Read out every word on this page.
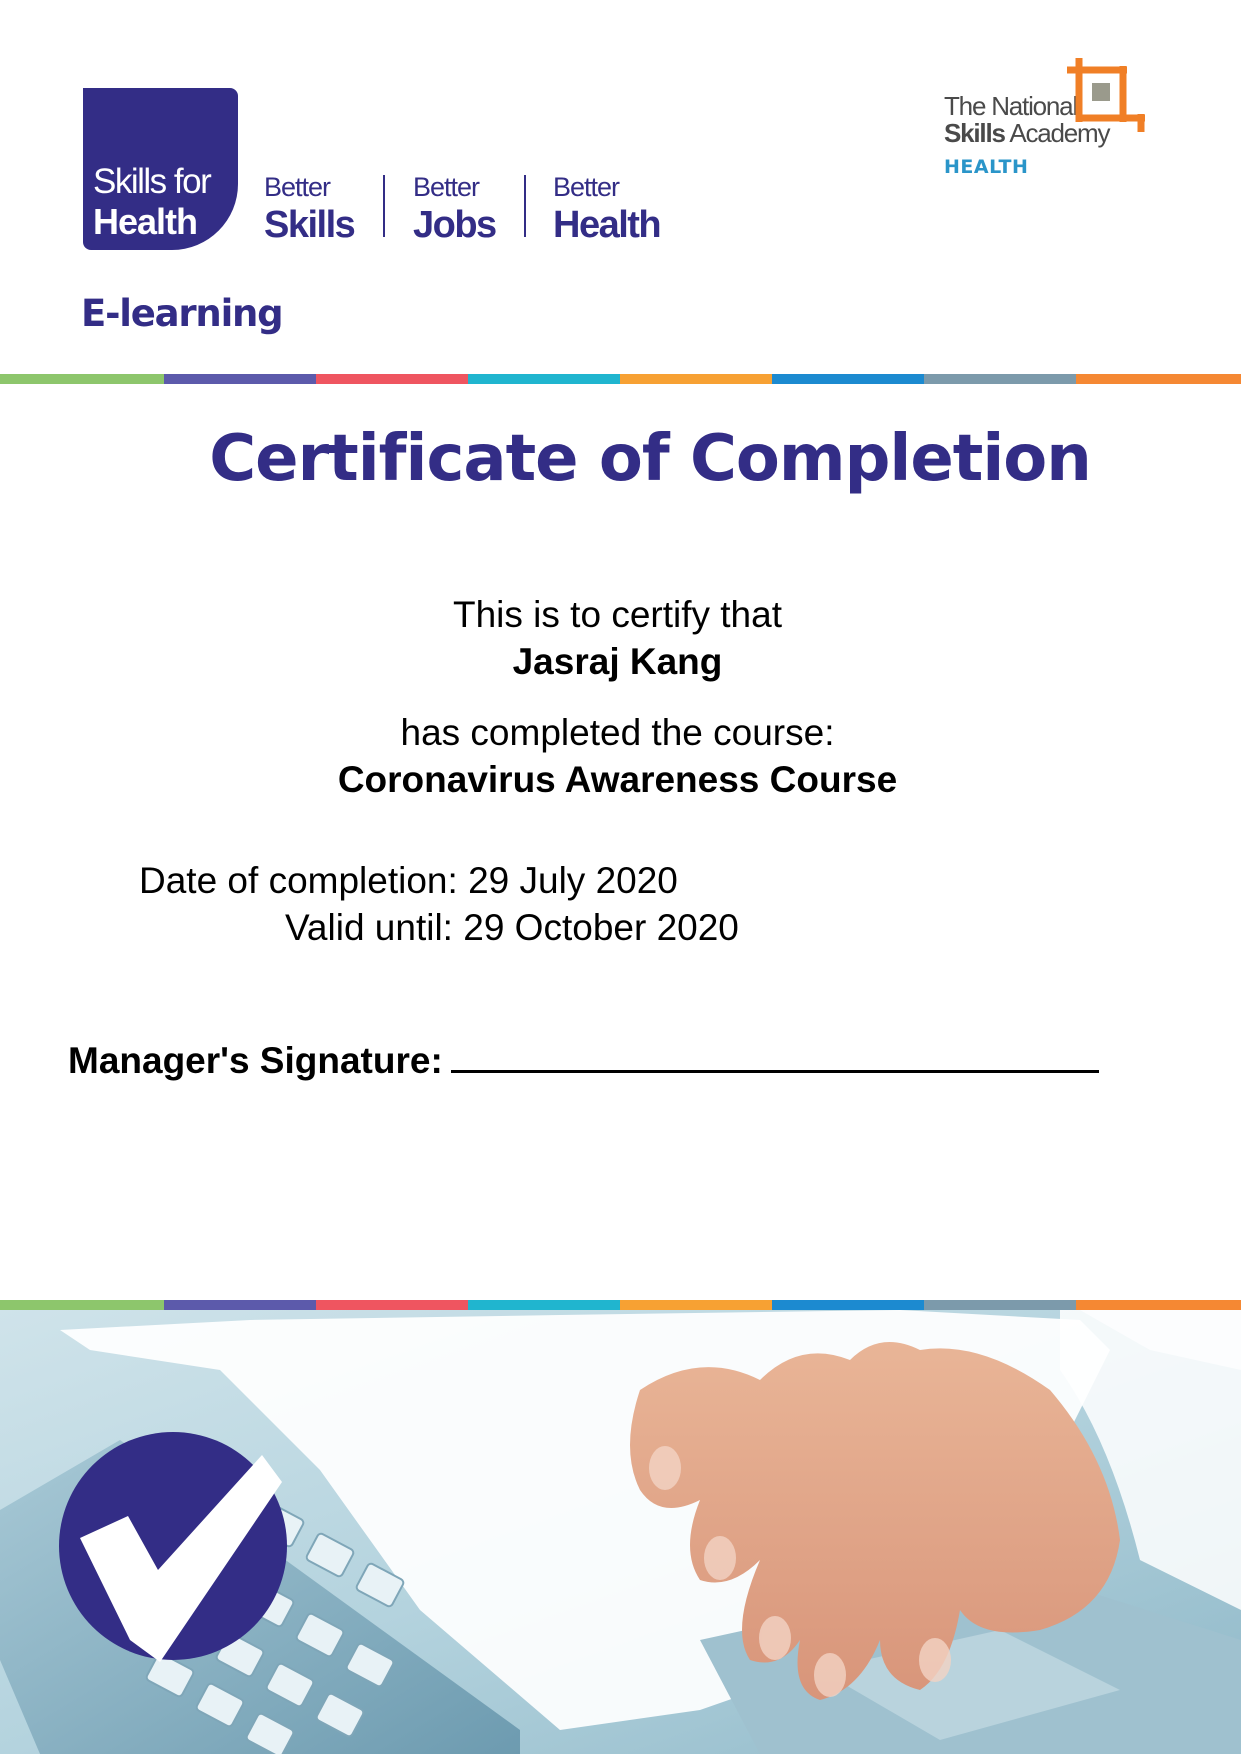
Skills for
Health
Better
Skills
Better
Jobs
Better
Health
E-learning
The National
Skills Academy
HEALTH
Certificate of Completion
This is to certify that
Jasraj Kang
has completed the course:
Coronavirus Awareness Course
Date of completion: 29 July 2020
Valid until: 29 October 2020
Manager's Signature:
